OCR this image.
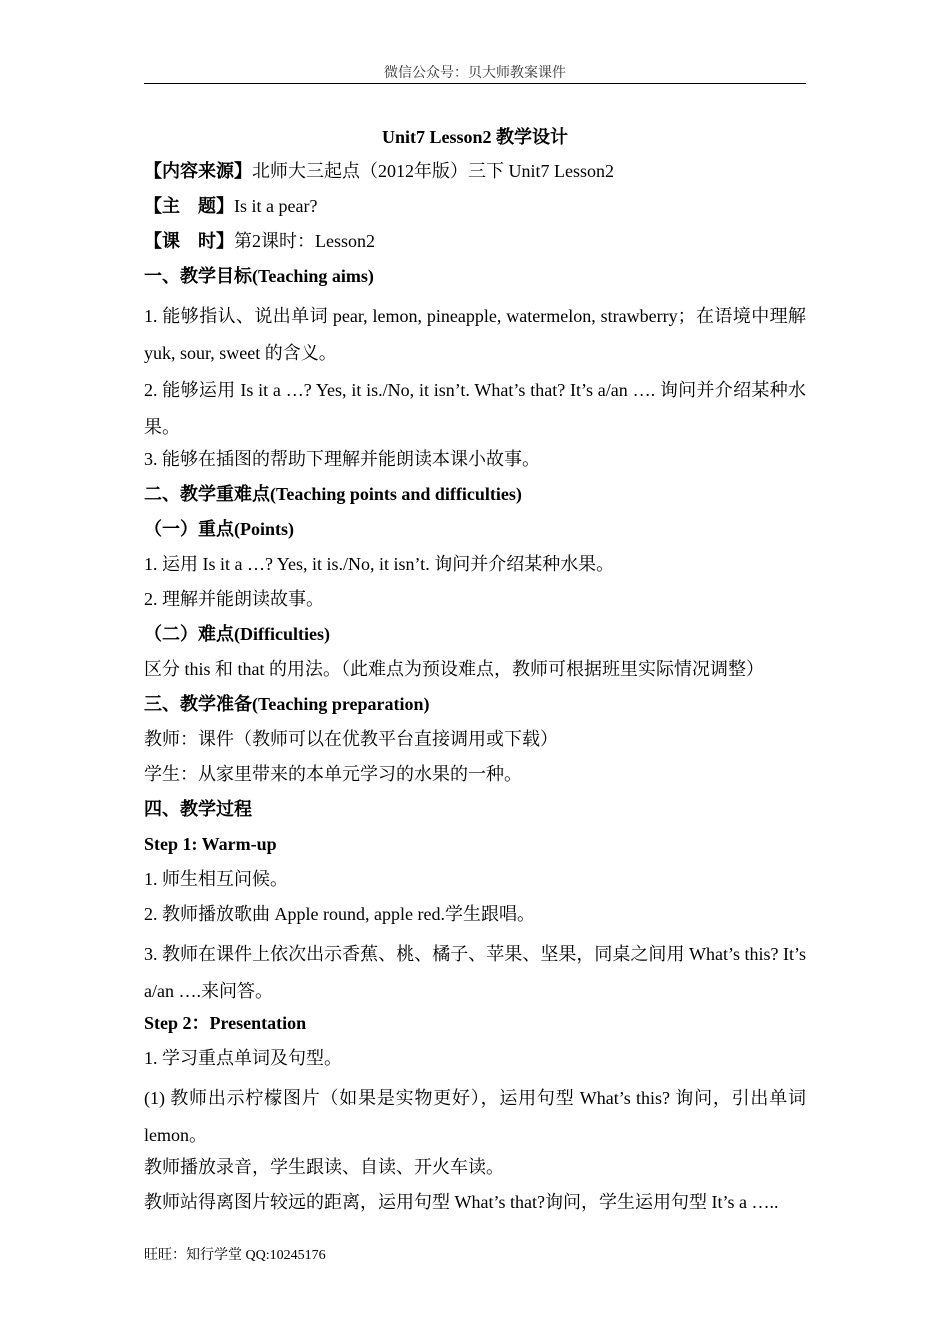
微信公众号：贝大师教案课件
Unit7 Lesson2 教学设计
【内容来源】北师大三起点（2012年版）三下 Unit7 Lesson2
【主　题】Is it a pear?
【课　时】第2课时：Lesson2
一、教学目标(Teaching aims)
1. 能够指认、说出单词 pear, lemon, pineapple, watermelon, strawberry；在语境中理解 yuk, sour, sweet 的含义。
2. 能够运用 Is it a …? Yes, it is./No, it isn’t. What’s that? It’s a/an …. 询问并介绍某种水果。
3. 能够在插图的帮助下理解并能朗读本课小故事。
二、教学重难点(Teaching points and difficulties)
（一）重点(Points)
1. 运用 Is it a …? Yes, it is./No, it isn’t. 询问并介绍某种水果。
2. 理解并能朗读故事。
（二）难点(Difficulties)
区分 this 和 that 的用法。（此难点为预设难点，教师可根据班里实际情况调整）
三、教学准备(Teaching preparation)
教师：课件（教师可以在优教平台直接调用或下载）
学生：从家里带来的本单元学习的水果的一种。
四、教学过程
Step 1: Warm-up
1. 师生相互问候。
2. 教师播放歌曲 Apple round, apple red.学生跟唱。
3. 教师在课件上依次出示香蕉、桃、橘子、苹果、坚果，同桌之间用 What’s this? It’s a/an ….来问答。
Step 2：Presentation
1. 学习重点单词及句型。
(1) 教师出示柠檬图片（如果是实物更好），运用句型 What’s this? 询问，引出单词 lemon。
教师播放录音，学生跟读、自读、开火车读。
教师站得离图片较远的距离，运用句型 What’s that?询问，学生运用句型 It’s a …..
旺旺：知行学堂 QQ:10245176
